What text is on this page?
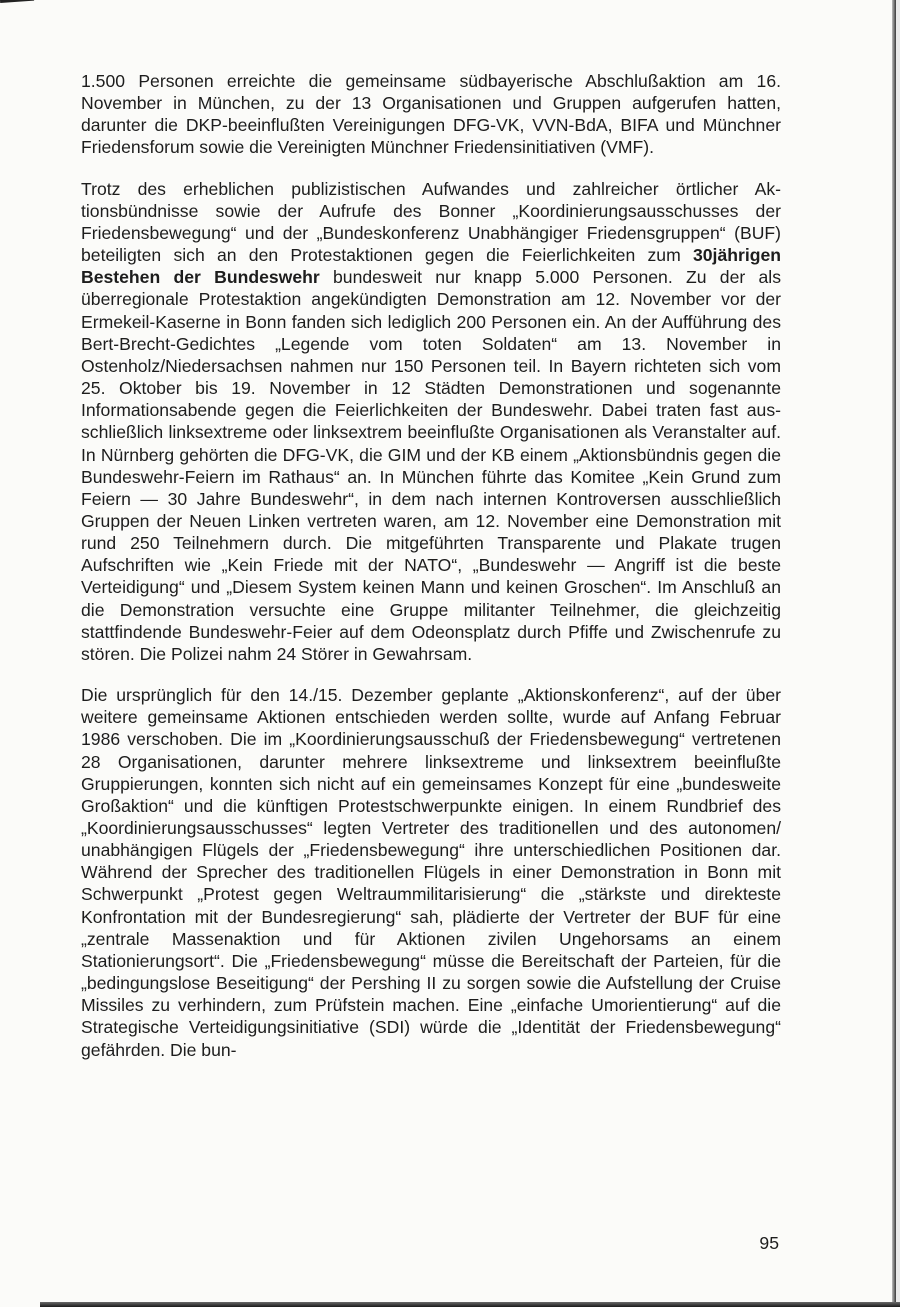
1.500 Personen erreichte die gemeinsame südbayerische Abschlußaktion am 16. November in München, zu der 13 Organisationen und Gruppen aufgerufen hatten, darunter die DKP-beeinflußten Vereinigungen DFG-VK, VVN-BdA, BIFA und Münchner Friedensforum sowie die Vereinigten Münchner Friedensinitiativen (VMF).

Trotz des erheblichen publizistischen Aufwandes und zahlreicher örtlicher Aktionsbündnisse sowie der Aufrufe des Bonner „Koordinierungsausschusses der Friedensbewegung“ und der „Bundeskonferenz Unabhängiger Friedensgruppen“ (BUF) beteiligten sich an den Protestaktionen gegen die Feierlichkeiten zum 30jährigen Bestehen der Bundeswehr bundesweit nur knapp 5.000 Personen. Zu der als überregionale Protestaktion angekündigten Demonstration am 12. November vor der Ermekeil-Kaserne in Bonn fanden sich lediglich 200 Personen ein. An der Aufführung des Bert-Brecht-Gedichtes „Legende vom toten Soldaten“ am 13. November in Ostenholz/Niedersachsen nahmen nur 150 Personen teil. In Bayern richteten sich vom 25. Oktober bis 19. November in 12 Städten Demonstrationen und sogenannte Informationsabende gegen die Feierlichkeiten der Bundeswehr. Dabei traten fast ausschließlich linksextreme oder linksextrem beeinflußte Organisationen als Veranstalter auf. In Nürnberg gehörten die DFG-VK, die GIM und der KB einem „Aktionsbündnis gegen die Bundeswehr-Feiern im Rathaus“ an. In München führte das Komitee „Kein Grund zum Feiern — 30 Jahre Bundeswehr“, in dem nach internen Kontroversen ausschließlich Gruppen der Neuen Linken vertreten waren, am 12. November eine Demonstration mit rund 250 Teilnehmern durch. Die mitgeführten Transparente und Plakate trugen Aufschriften wie „Kein Friede mit der NATO“, „Bundeswehr — Angriff ist die beste Verteidigung“ und „Diesem System keinen Mann und keinen Groschen“. Im Anschluß an die Demonstration versuchte eine Gruppe militanter Teilnehmer, die gleichzeitig stattfindende Bundeswehr-Feier auf dem Odeonsplatz durch Pfiffe und Zwischenrufe zu stören. Die Polizei nahm 24 Störer in Gewahrsam.

Die ursprünglich für den 14./15. Dezember geplante „Aktionskonferenz“, auf der über weitere gemeinsame Aktionen entschieden werden sollte, wurde auf Anfang Februar 1986 verschoben. Die im „Koordinierungsausschuß der Friedensbewegung“ vertretenen 28 Organisationen, darunter mehrere linksextreme und linksextrem beeinflußte Gruppierungen, konnten sich nicht auf ein gemeinsames Konzept für eine „bundesweite Großaktion“ und die künftigen Protestschwerpunkte einigen. In einem Rundbrief des „Koordinierungsausschusses“ legten Vertreter des traditionellen und des autonomen/ unabhängigen Flügels der „Friedensbewegung“ ihre unterschiedlichen Positionen dar. Während der Sprecher des traditionellen Flügels in einer Demonstration in Bonn mit Schwerpunkt „Protest gegen Weltraummilitarisierung“ die „stärkste und direkteste Konfrontation mit der Bundesregierung“ sah, plädierte der Vertreter der BUF für eine „zentrale Massenaktion und für Aktionen zivilen Ungehorsams an einem Stationierungsort“. Die „Friedensbewegung“ müsse die Bereitschaft der Parteien, für die „bedingungslose Beseitigung“ der Pershing II zu sorgen sowie die Aufstellung der Cruise Missiles zu verhindern, zum Prüfstein machen. Eine „einfache Umorientierung“ auf die Strategische Verteidigungsinitiative (SDI) würde die „Identität der Friedensbewegung“ gefährden. Die bun-

95
